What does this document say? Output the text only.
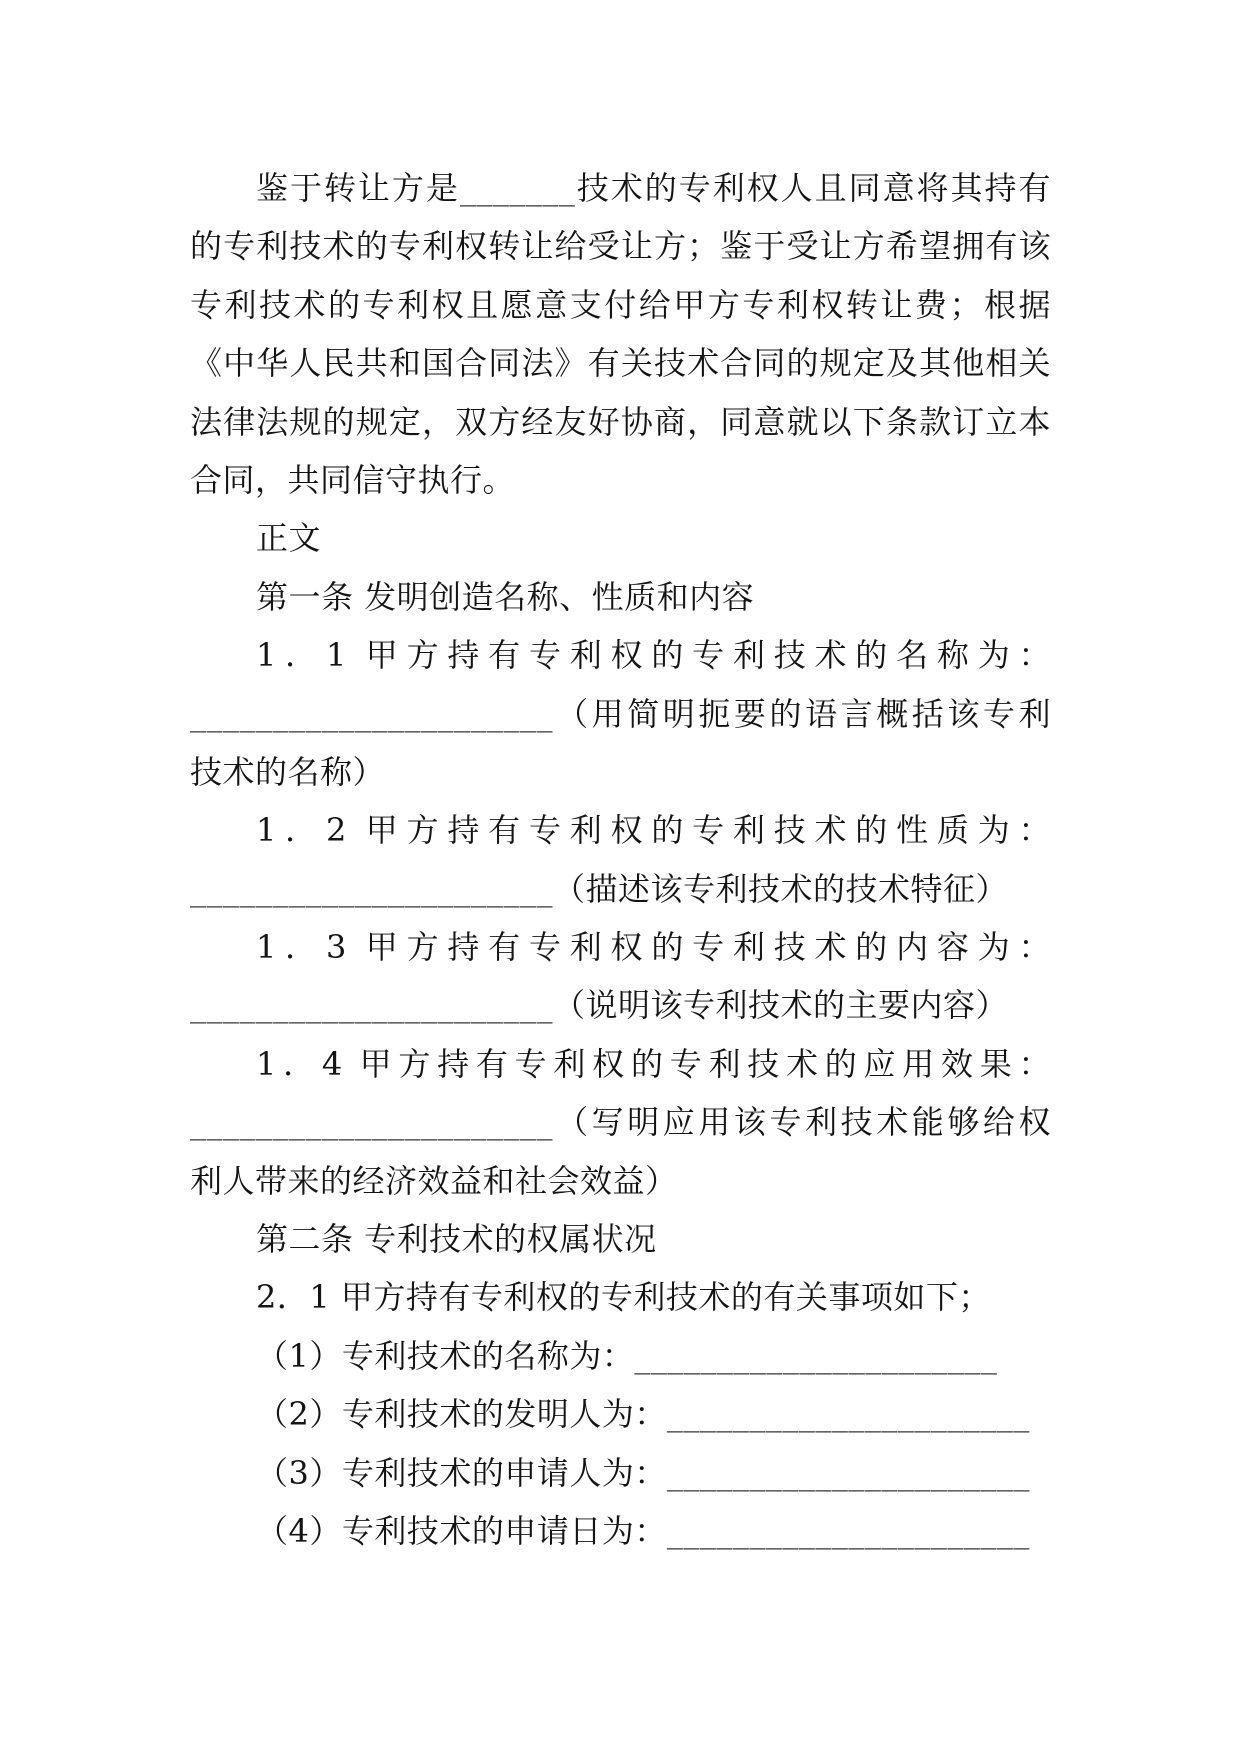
鉴于转让方是_______技术的专利权人且同意将其持有
的专利技术的专利权转让给受让方；鉴于受让方希望拥有该
专利技术的专利权且愿意支付给甲方专利权转让费；根据
《中华人民共和国合同法》有关技术合同的规定及其他相关
法律法规的规定，双方经友好协商，同意就以下条款订立本
合同，共同信守执行。
正文
第一条 发明创造名称、性质和内容
1．1 甲方持有专利权的专利技术的名称为：
______________________（用简明扼要的语言概括该专利
技术的名称）
1．2 甲方持有专利权的专利技术的性质为：
______________________（描述该专利技术的技术特征）
1．3 甲方持有专利权的专利技术的内容为：
______________________（说明该专利技术的主要内容）
1．4 甲方持有专利权的专利技术的应用效果：
______________________（写明应用该专利技术能够给权
利人带来的经济效益和社会效益）
第二条 专利技术的权属状况
2．1 甲方持有专利权的专利技术的有关事项如下；
（1）专利技术的名称为：______________________
（2）专利技术的发明人为：______________________
（3）专利技术的申请人为：______________________
（4）专利技术的申请日为：______________________
